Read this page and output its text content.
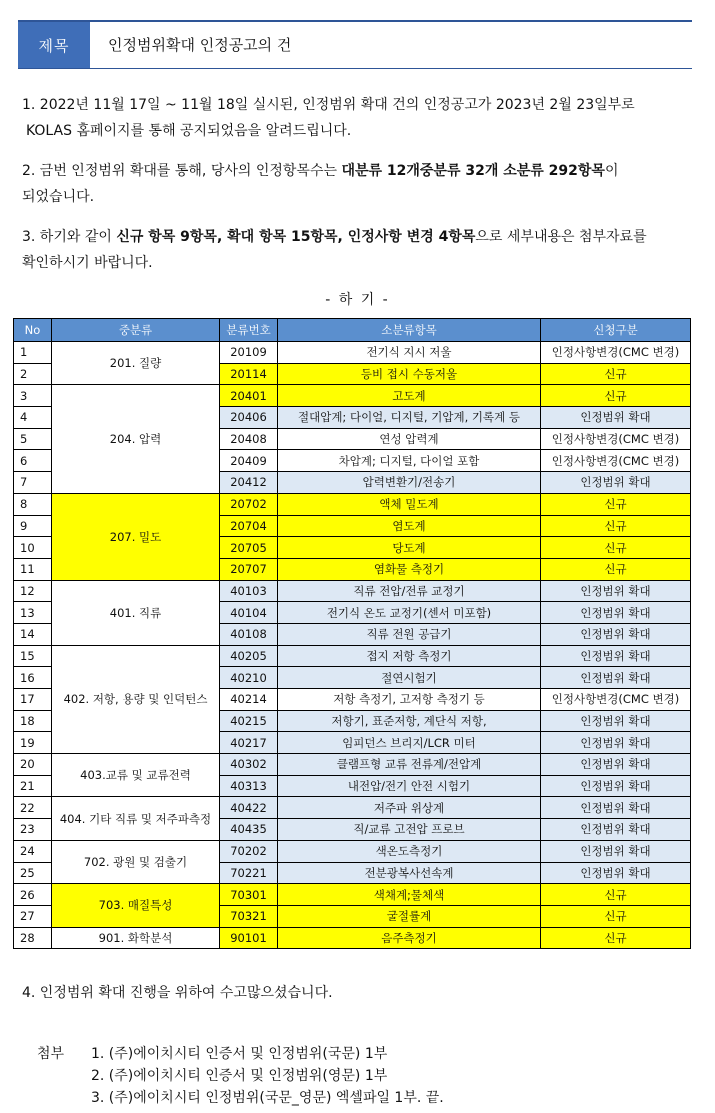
제목	인정범위확대 인정공고의 건
1. 2022년 11월 17일 ~ 11월 18일 실시된, 인정범위 확대 건의 인정공고가 2023년 2월 23일부로
KOLAS 홈페이지를 통해 공지되었음을 알려드립니다.
2. 금번 인정범위 확대를 통해, 당사의 인정항목수는 대분류 12개중분류 32개 소분류 292항목이
되었습니다.
3. 하기와 같이 신규 항목 9항목, 확대 항목 15항목, 인정사항 변경 4항목으로 세부내용은 첨부자료를
확인하시기 바랍니다.
- 하 기 -
No	중분류	분류번호	소분류항목	신청구분
1	201. 질량	20109	전기식 지시 저울	인정사항변경(CMC 변경)
2		20114	등비 접시 수동저울	신규
3	204. 압력	20401	고도계	신규
4		20406	절대압계; 다이얼, 디지털, 기압계, 기록계 등	인정범위 확대
5		20408	연성 압력계	인정사항변경(CMC 변경)
6		20409	차압계; 디지털, 다이얼 포함	인정사항변경(CMC 변경)
7		20412	압력변환기/전송기	인정범위 확대
8	207. 밀도	20702	액체 밀도계	신규
9		20704	염도계	신규
10		20705	당도계	신규
11		20707	염화물 측정기	신규
12	401. 직류	40103	직류 전압/전류 교정기	인정범위 확대
13		40104	전기식 온도 교정기(센서 미포함)	인정범위 확대
14		40108	직류 전원 공급기	인정범위 확대
15	402. 저항, 용량 및 인덕턴스	40205	접지 저항 측정기	인정범위 확대
16		40210	절연시험기	인정범위 확대
17		40214	저항 측정기, 고저항 측정기 등	인정사항변경(CMC 변경)
18		40215	저항기, 표준저항, 계단식 저항,	인정범위 확대
19		40217	임피던스 브리지/LCR 미터	인정범위 확대
20	403.교류 및 교류전력	40302	클램프형 교류 전류계/전압계	인정범위 확대
21		40313	내전압/전기 안전 시험기	인정범위 확대
22	404. 기타 직류 및 저주파측정	40422	저주파 위상계	인정범위 확대
23		40435	직/교류 고전압 프로브	인정범위 확대
24	702. 광원 및 검출기	70202	색온도측정기	인정범위 확대
25		70221	전분광복사선속계	인정범위 확대
26	703. 매질특성	70301	색채계;물체색	신규
27		70321	굴절률계	신규
28	901. 화학분석	90101	음주측정기	신규
4. 인정범위 확대 진행을 위하여 수고많으셨습니다.
첨부	1. (주)에이치시티 인증서 및 인정범위(국문) 1부
2. (주)에이치시티 인증서 및 인정범위(영문) 1부
3. (주)에이치시티 인정범위(국문_영문) 엑셀파일 1부. 끝.
